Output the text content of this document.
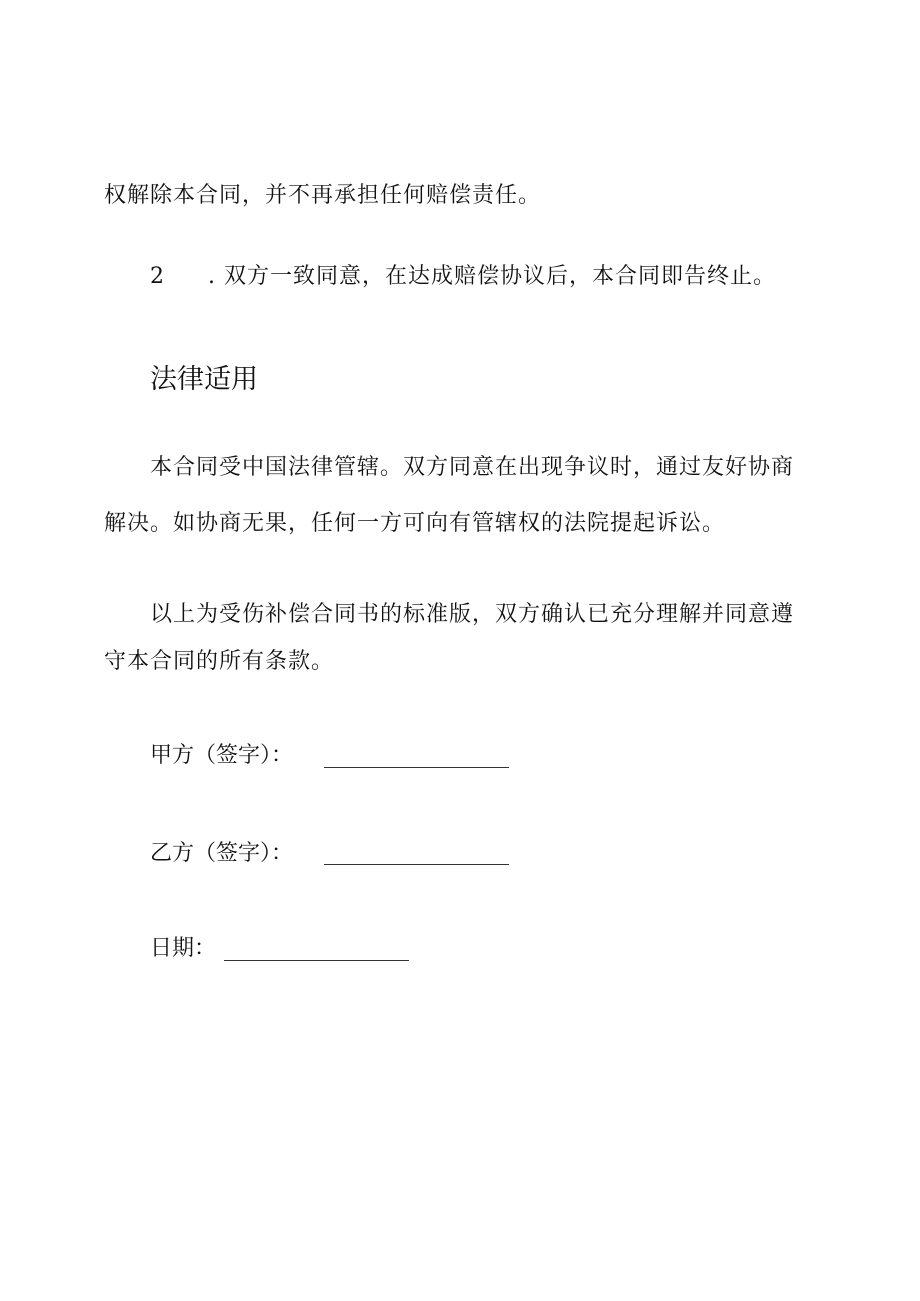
权解除本合同，并不再承担任何赔偿责任。
2 . 双方一致同意，在达成赔偿协议后，本合同即告终止。
法律适用
本合同受中国法律管辖。双方同意在出现争议时，通过友好协商
解决。如协商无果，任何一方可向有管辖权的法院提起诉讼。
以上为受伤补偿合同书的标准版，双方确认已充分理解并同意遵
守本合同的所有条款。
甲方（签字）：
乙方（签字）：
日期：
